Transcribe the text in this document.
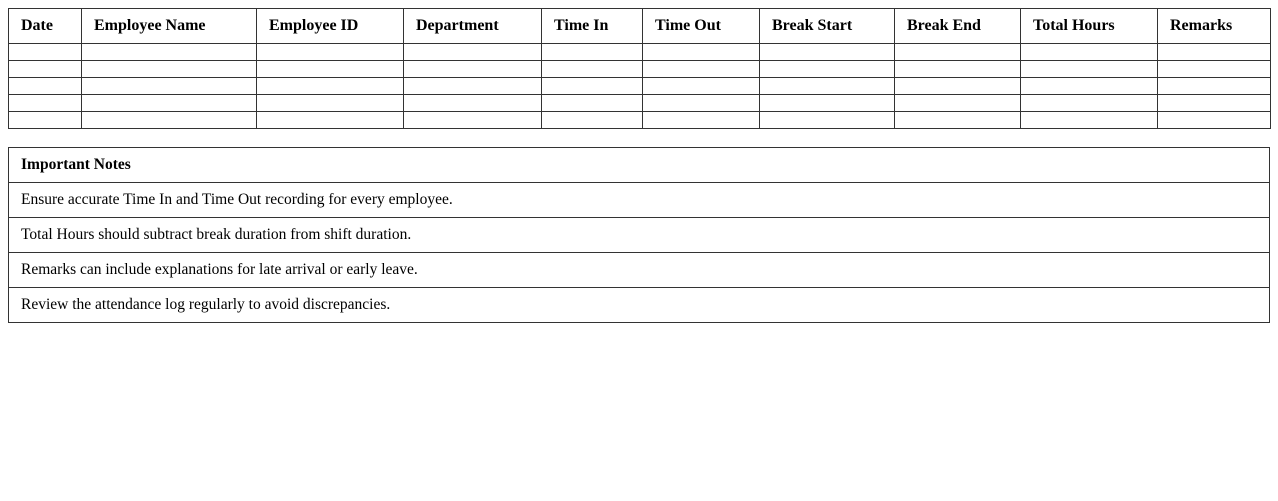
Date	Employee Name	Employee ID	Department	Time In	Time Out	Break Start	Break End	Total Hours	Remarks

Important Notes
Ensure accurate Time In and Time Out recording for every employee.
Total Hours should subtract break duration from shift duration.
Remarks can include explanations for late arrival or early leave.
Review the attendance log regularly to avoid discrepancies.
